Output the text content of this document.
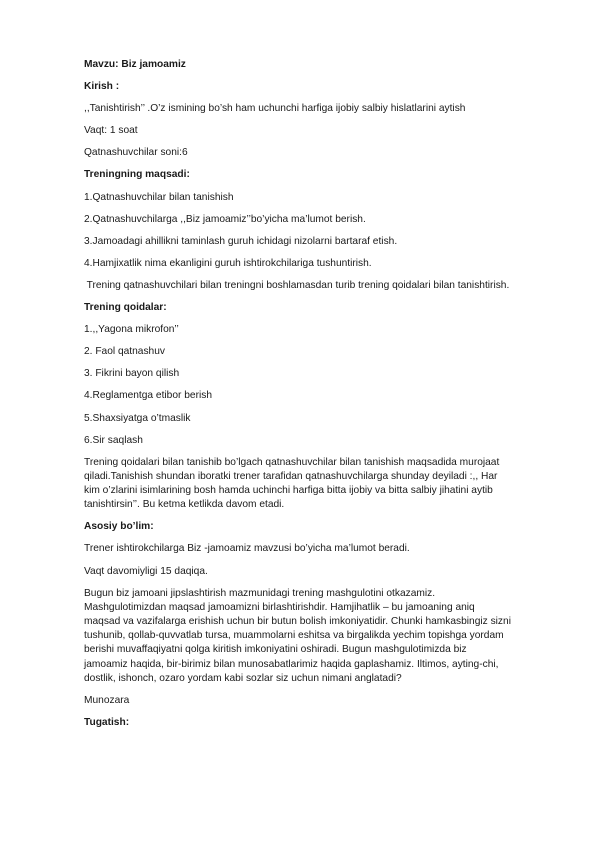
Mavzu: Biz jamoamiz

Kirish :

,,Tanishtirish’’ .O’z ismining bo’sh ham uchunchi harfiga ijobiy salbiy hislatlarini aytish

Vaqt: 1 soat

Qatnashuvchilar soni:6

Treningning maqsadi:

1.Qatnashuvchilar bilan tanishish

2.Qatnashuvchilarga ,,Biz jamoamiz’’bo’yicha ma’lumot berish.

3.Jamoadagi ahillikni taminlash guruh ichidagi nizolarni bartaraf etish.

4.Hamjixatlik nima ekanligini guruh ishtirokchilariga tushuntirish.

Trening qatnashuvchilari bilan treningni boshlamasdan turib trening qoidalari bilan tanishtirish.

Trening qoidalar:

1.,,Yagona mikrofon’’

2. Faol qatnashuv

3. Fikrini bayon qilish

4.Reglamentga etibor berish

5.Shaxsiyatga o’tmaslik

6.Sir saqlash

Trening qoidalari bilan tanishib bo’lgach qatnashuvchilar bilan tanishish maqsadida murojaat
qiladi.Tanishish shundan iboratki trener tarafidan qatnashuvchilarga shunday deyiladi :,, Har
kim o’zlarini isimlarining bosh hamda uchinchi harfiga bitta ijobiy va bitta salbiy jihatini aytib
tanishtirsin’’. Bu ketma ketlikda davom etadi.

Asosiy bo’lim:

Trener ishtirokchilarga Biz -jamoamiz mavzusi bo’yicha ma’lumot beradi.

Vaqt davomiyligi 15 daqiqa.

Bugun biz jamoani jipslashtirish mazmunidagi trening mashgulotini otkazamiz.
Mashgulotimizdan maqsad jamoamizni birlashtirishdir. Hamjihatlik – bu jamoaning aniq
maqsad va vazifalarga erishish uchun bir butun bolish imkoniyatidir. Chunki hamkasbingiz sizni
tushunib, qollab-quvvatlab tursa, muammolarni eshitsa va birgalikda yechim topishga yordam
berishi muvaffaqiyatni qolga kiritish imkoniyatini oshiradi. Bugun mashgulotimizda biz
jamoamiz haqida, bir-birimiz bilan munosabatlarimiz haqida gaplashamiz. Iltimos, ayting-chi,
dostlik, ishonch, ozaro yordam kabi sozlar siz uchun nimani anglatadi?

Munozara

Tugatish:
